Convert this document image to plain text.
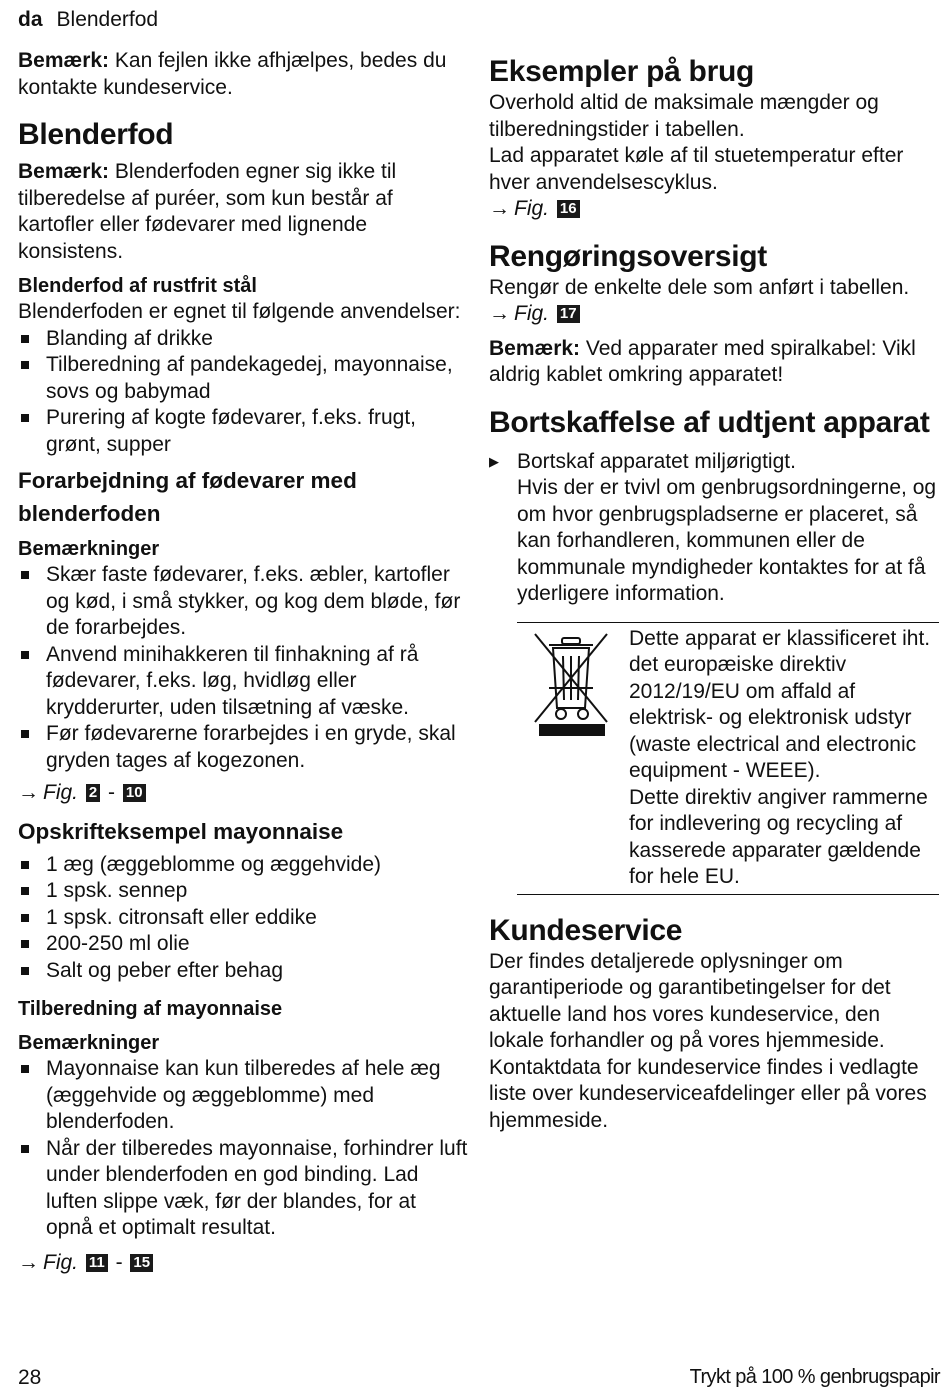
da Blenderfod

Bemærk: Kan fejlen ikke afhjælpes, bedes du kontakte kundeservice.

Blenderfod

Bemærk: Blenderfoden egner sig ikke til tilberedelse af puréer, som kun består af kartofler eller fødevarer med lignende konsistens.

Blenderfod af rustfrit stål

Blenderfoden er egnet til følgende anvendelser:

Blanding af drikke
Tilberedning af pandekagedej, mayonnaise, sovs og babymad
Purering af kogte fødevarer, f.eks. frugt, grønt, supper
Forarbejdning af fødevarer med blenderfoden
Bemærkninger
Skær faste fødevarer, f.eks. æbler, kartofler og kød, i små stykker, og kog dem bløde, før de forarbejdes.
Anvend minihakkeren til finhakning af rå fødevarer, f.eks. løg, hvidløg eller krydderurter, uden tilsætning af væske.
Før fødevarerne forarbejdes i en gryde, skal gryden tages af kogezonen.

→ Fig. 2 - 10

Opskrifteksempel mayonnaise
1 æg (æggeblomme og æggehvide)
1 spsk. sennep
1 spsk. citronsaft eller eddike
200-250 ml olie
Salt og peber efter behag
Tilberedning af mayonnaise
Bemærkninger
Mayonnaise kan kun tilberedes af hele æg (æggehvide og æggeblomme) med blenderfoden.
Når der tilberedes mayonnaise, forhindrer luft under blenderfoden en god binding. Lad luften slippe væk, før der blandes, for at opnå et optimalt resultat.

→ Fig. 11 - 15

Eksempler på brug

Overhold altid de maksimale mængder og tilberedningstider i tabellen.

Lad apparatet køle af til stuetemperatur efter hver anvendelsescyklus.

→ Fig. 16

Rengøringsoversigt

Rengør de enkelte dele som anført i tabellen.

→ Fig. 17

Bemærk: Ved apparater med spiralkabel: Vikl aldrig kablet omkring apparatet!

Bortskaffelse af udtjent apparat
▶ Bortskaf apparatet miljørigtigt.
Hvis der er tvivl om genbrugsordningerne, og om hvor genbrugspladserne er placeret, så kan forhandleren, kommunen eller de kommunale myndigheder kontaktes for at få yderligere information.
Dette apparat er klassificeret iht. det europæiske direktiv 2012/19/EU om affald af elektrisk- og elektronisk udstyr (waste electrical and electronic equipment - WEEE).
Dette direktiv angiver rammerne for indlevering og recycling af kasserede apparater gældende for hele EU.
Kundeservice

Der findes detaljerede oplysninger om garantiperiode og garantibetingelser for det aktuelle land hos vores kundeservice, den lokale forhandler og på vores hjemmeside.

Kontaktdata for kundeservice findes i vedlagte liste over kundeserviceafdelinger eller på vores hjemmeside.

28	Trykt på 100 % genbrugspapir
